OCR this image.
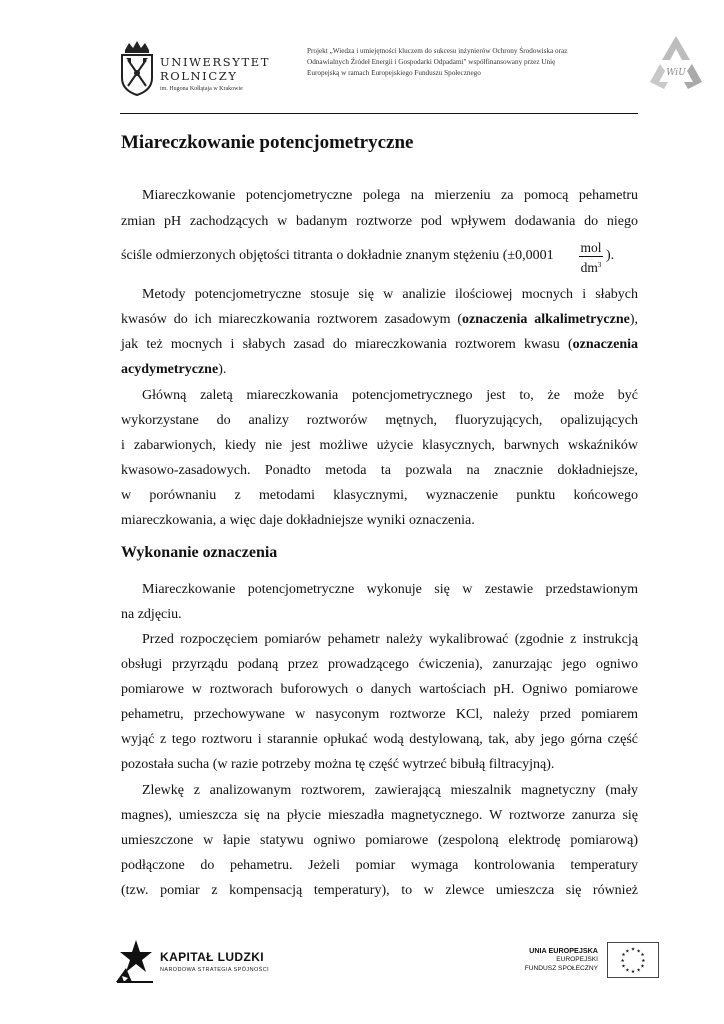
UNIWERSYTET
ROLNICZY
im. Hugona Kołłątaja w Krakowie
Projekt „Wiedza i umiejętności kluczem do sukcesu inżynierów Ochrony Środowiska oraz
Odnawialnych Źródeł Energii i Gospodarki Odpadami" współfinansowany przez Unię
Europejską w ramach Europejskiego Funduszu Społecznego	WiU
Miareczkowanie potencjometryczne
Miareczkowanie potencjometryczne polega na mierzeniu za pomocą pehametru
zmian pH zachodzących w badanym roztworze pod wpływem dodawania do niego
ściśle odmierzonych objętości titranta o dokładnie znanym stężeniu (±0,0001
mol
$dm^3$
).
Metody potencjometryczne stosuje się w analizie ilościowej mocnych i słabych
kwasów do ich miareczkowania roztworem zasadowym (oznaczenia alkalimetryczne),
jak też mocnych i słabych zasad do miareczkowania roztworem kwasu (oznaczenia
acydymetryczne).
Główną zaletą miareczkowania potencjometrycznego jest to, że może być
wykorzystane do analizy roztworów mętnych, fluoryzujących, opalizujących
i zabarwionych, kiedy nie jest możliwe użycie klasycznych, barwnych wskaźników
kwasowo-zasadowych. Ponadto metoda ta pozwala na znacznie dokładniejsze,
w porównaniu z metodami klasycznymi, wyznaczenie punktu końcowego
miareczkowania, a więc daje dokładniejsze wyniki oznaczenia.
Wykonanie oznaczenia
Miareczkowanie potencjometryczne wykonuje się w zestawie przedstawionym
na zdjęciu.
Przed rozpoczęciem pomiarów pehametr należy wykalibrować (zgodnie z instrukcją
obsługi przyrządu podaną przez prowadzącego ćwiczenia), zanurzając jego ogniwo
pomiarowe w roztworach buforowych o danych wartościach pH. Ogniwo pomiarowe
pehametru, przechowywane w nasyconym roztworze KCl, należy przed pomiarem
wyjąć z tego roztworu i starannie opłukać wodą destylowaną, tak, aby jego górna część
pozostała sucha (w razie potrzeby można tę część wytrzeć bibułą filtracyjną).
Zlewkę z analizowanym roztworem, zawierającą mieszalnik magnetyczny (mały
magnes), umieszcza się na płycie mieszadła magnetycznego. W roztworze zanurza się
umieszczone w łapie statywu ogniwo pomiarowe (zespoloną elektrodę pomiarową)
podłączone do pehametru. Jeżeli pomiar wymaga kontrolowania temperatury
(tzw. pomiar z kompensacją temperatury), to w zlewce umieszcza się również
KAPITAŁ LUDZKI
NARODOWA STRATEGIA SPÓJNOŚCI
UNIA EUROPEJSKA
EUROPEJSKI
FUNDUSZ SPOŁECZNY
★ ★
★
★
★
★
★
★
★
★
★
★
